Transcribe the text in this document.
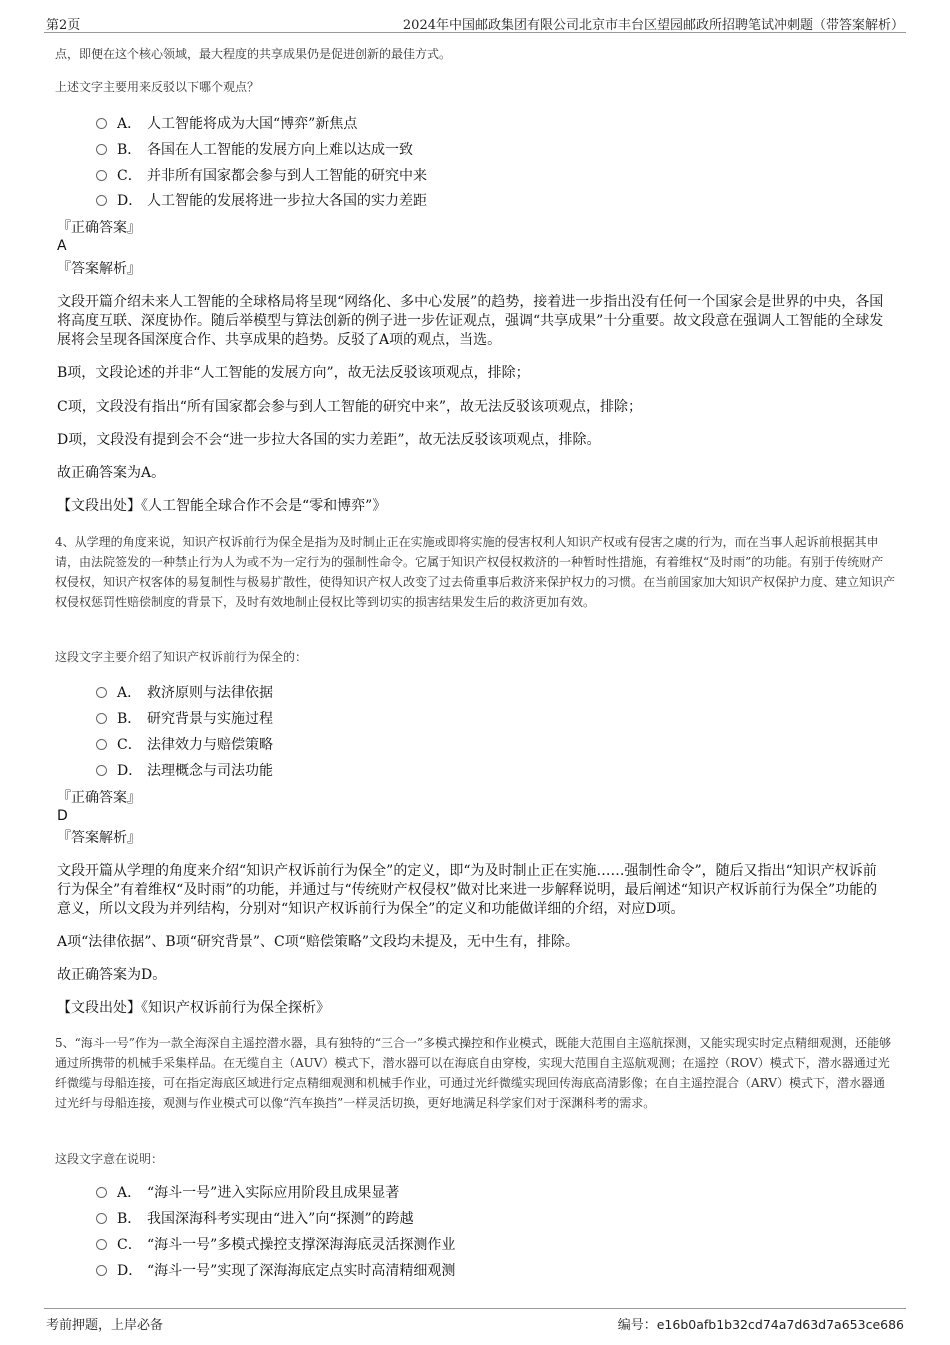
第2页	2024年中国邮政集团有限公司北京市丰台区望园邮政所招聘笔试冲刺题（带答案解析）
点，即便在这个核心领域，最大程度的共享成果仍是促进创新的最佳方式。
上述文字主要用来反驳以下哪个观点？
A． 人工智能将成为大国“博弈”新焦点
B． 各国在人工智能的发展方向上难以达成一致
C． 并非所有国家都会参与到人工智能的研究中来
D． 人工智能的发展将进一步拉大各国的实力差距
『正确答案』
A
『答案解析』
文段开篇介绍未来人工智能的全球格局将呈现“网络化、多中心发展”的趋势，接着进一步指出没有任何一个国家会是世界的中央，各国将高度互联、深度协作。随后举模型与算法创新的例子进一步佐证观点，强调“共享成果”十分重要。故文段意在强调人工智能的全球发展将会呈现各国深度合作、共享成果的趋势。反驳了A项的观点，当选。
B项，文段论述的并非“人工智能的发展方向”，故无法反驳该项观点，排除；
C项，文段没有指出“所有国家都会参与到人工智能的研究中来”，故无法反驳该项观点，排除；
D项，文段没有提到会不会“进一步拉大各国的实力差距”，故无法反驳该项观点，排除。
故正确答案为A。
【文段出处】《人工智能全球合作不会是“零和博弈”》
4、从学理的角度来说，知识产权诉前行为保全是指为及时制止正在实施或即将实施的侵害权利人知识产权或有侵害之虞的行为，而在当事人起诉前根据其申请，由法院签发的一种禁止行为人为或不为一定行为的强制性命令。它属于知识产权侵权救济的一种暂时性措施，有着维权“及时雨”的功能。有别于传统财产权侵权，知识产权客体的易复制性与极易扩散性，使得知识产权人改变了过去倚重事后救济来保护权力的习惯。在当前国家加大知识产权保护力度、建立知识产权侵权惩罚性赔偿制度的背景下，及时有效地制止侵权比等到切实的损害结果发生后的救济更加有效。
这段文字主要介绍了知识产权诉前行为保全的：
A． 救济原则与法律依据
B． 研究背景与实施过程
C． 法律效力与赔偿策略
D． 法理概念与司法功能
『正确答案』
D
『答案解析』
文段开篇从学理的角度来介绍“知识产权诉前行为保全”的定义，即“为及时制止正在实施……强制性命令”，随后又指出“知识产权诉前行为保全”有着维权“及时雨”的功能，并通过与“传统财产权侵权”做对比来进一步解释说明，最后阐述“知识产权诉前行为保全”功能的意义，所以文段为并列结构，分别对“知识产权诉前行为保全”的定义和功能做详细的介绍，对应D项。
A项“法律依据”、B项“研究背景”、C项“赔偿策略”文段均未提及，无中生有，排除。
故正确答案为D。
【文段出处】《知识产权诉前行为保全探析》
5、“海斗一号”作为一款全海深自主遥控潜水器，具有独特的“三合一”多模式操控和作业模式，既能大范围自主巡航探测，又能实现实时定点精细观测，还能够通过所携带的机械手采集样品。在无缆自主（AUV）模式下，潜水器可以在海底自由穿梭，实现大范围自主巡航观测；在遥控（ROV）模式下，潜水器通过光纤微缆与母船连接，可在指定海底区域进行定点精细观测和机械手作业，可通过光纤微缆实现回传海底高清影像；在自主遥控混合（ARV）模式下，潜水器通过光纤与母船连接，观测与作业模式可以像“汽车换挡”一样灵活切换，更好地满足科学家们对于深渊科考的需求。
这段文字意在说明：
A． “海斗一号”进入实际应用阶段且成果显著
B． 我国深海科考实现由“进入”向“探测”的跨越
C． “海斗一号”多模式操控支撑深海海底灵活探测作业
D． “海斗一号”实现了深海海底定点实时高清精细观测
考前押题，上岸必备	编号：e16b0afb1b32cd74a7d63d7a653ce686
